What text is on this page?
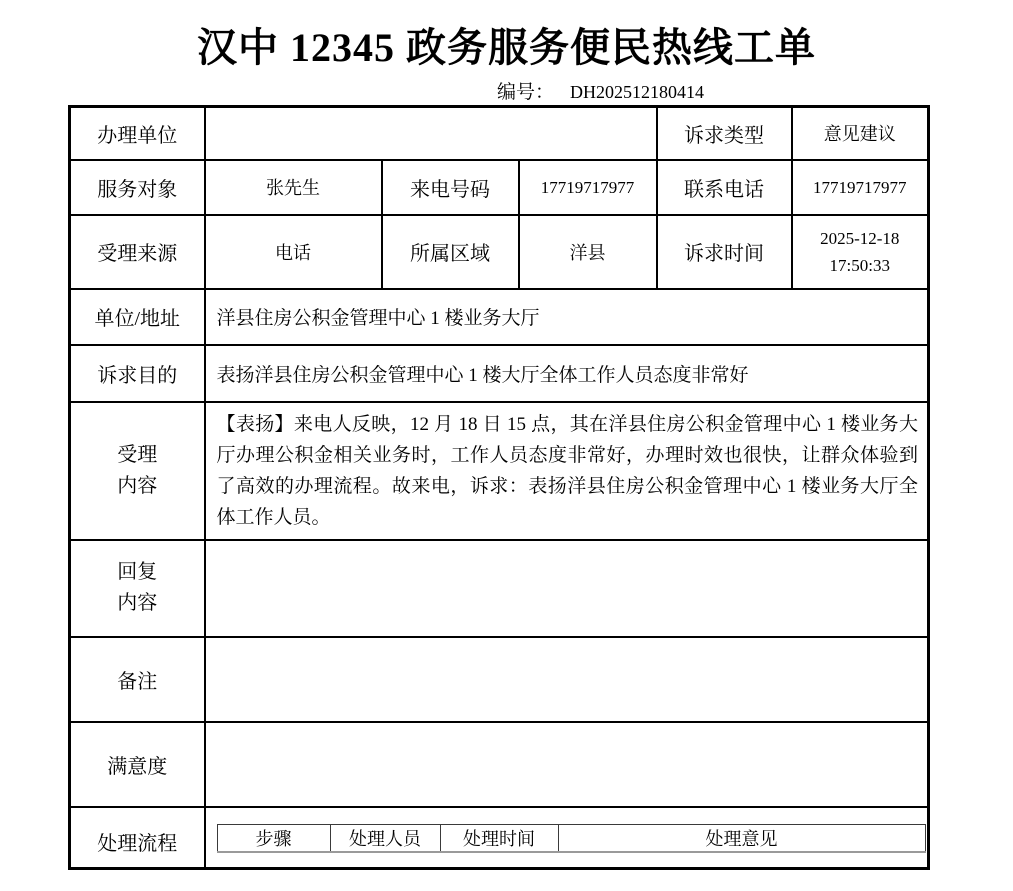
汉中 12345 政务服务便民热线工单
编号： DH202512180414
办理单位		诉求类型	意见建议
服务对象	张先生	来电号码	17719717977	联系电话	17719717977
受理来源	电话	所属区域	洋县	诉求时间	2025-12-18 17:50:33
单位/地址	洋县住房公积金管理中心 1 楼业务大厅
诉求目的	表扬洋县住房公积金管理中心 1 楼大厅全体工作人员态度非常好
受理内容	【表扬】来电人反映，12 月 18 日 15 点，其在洋县住房公积金管理中心 1 楼业务大厅办理公积金相关业务时，工作人员态度非常好，办理时效也很快，让群众体验到了高效的办理流程。故来电，诉求：表扬洋县住房公积金管理中心 1 楼业务大厅全体工作人员。
回复内容	
备注	
满意度	
处理流程		步骤	处理人员	处理时间	处理意见
